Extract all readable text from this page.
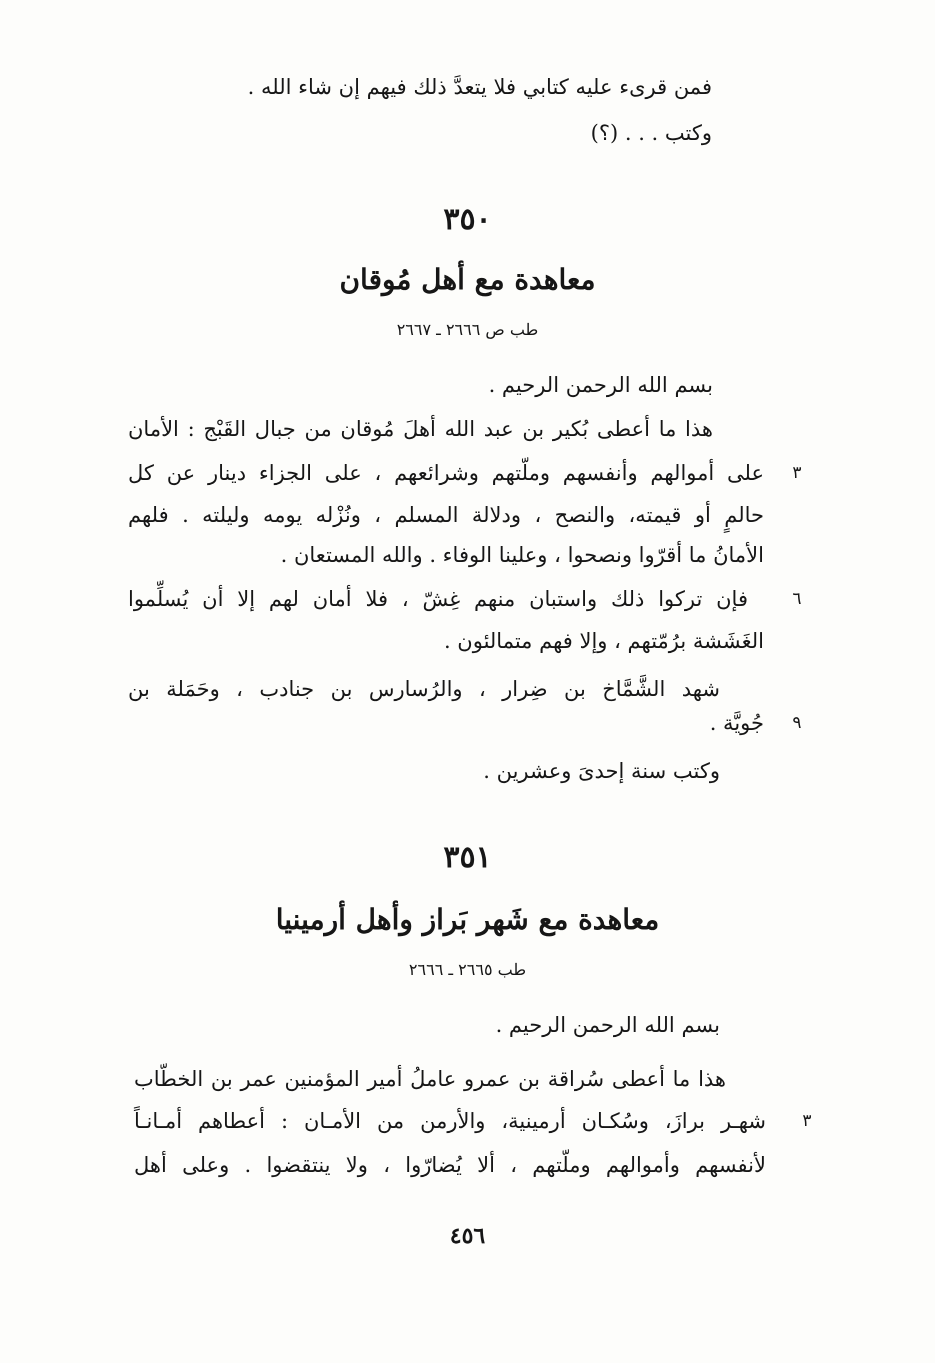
فمن قرىء عليه كتابي فلا يتعدَّ ذلك فيهم إن شاء الله .
وكتب . . . (؟)
٣٥٠
معاهدة مع أهل مُوقان
طب ص ٢٦٦٦ ـ ٢٦٦٧
بسم الله الرحمن الرحيم .
هذا ما أعطى بُكير بن عبد الله أهلَ مُوقان من جبال القَبْج : الأمان
على أموالهم وأنفسهم وملّتهم وشرائعهم ، على الجزاء دينار عن كل	٣
حالمٍ أو قيمته، والنصح ، ودلالة المسلم ، ونُزْله يومه وليلته . فلهم
الأمانُ ما أقرّوا ونصحوا ، وعلينا الوفاء . والله المستعان .
فإن تركوا ذلك واستبان منهم غِشّ ، فلا أمان لهم إلا أن يُسلِّموا	٦
الغَشَشة برُمّتهم ، وإلا فهم متمالئون .
شهد الشَّمَّاخ بن ضِرار ، والرُسارس بن جنادب ، وحَمَلة بن
جُويَّة .	٩
وكتب سنة إحدىَ وعشرين .
٣٥١
معاهدة مع شَهر بَراز وأهل أرمينيا
طب ٢٦٦٥ ـ ٢٦٦٦
بسم الله الرحمن الرحيم .
هذا ما أعطى سُراقة بن عمرو عاملُ أمير المؤمنين عمر بن الخطّاب
شهـر برازَ، وسُكـان أرمينية، والأرمن من الأمـان : أعطاهم أمـانـاً	٣
لأنفسهم وأموالهم وملّتهم ، ألا يُضارّوا ، ولا ينتقضوا . وعلى أهل
٤٥٦
